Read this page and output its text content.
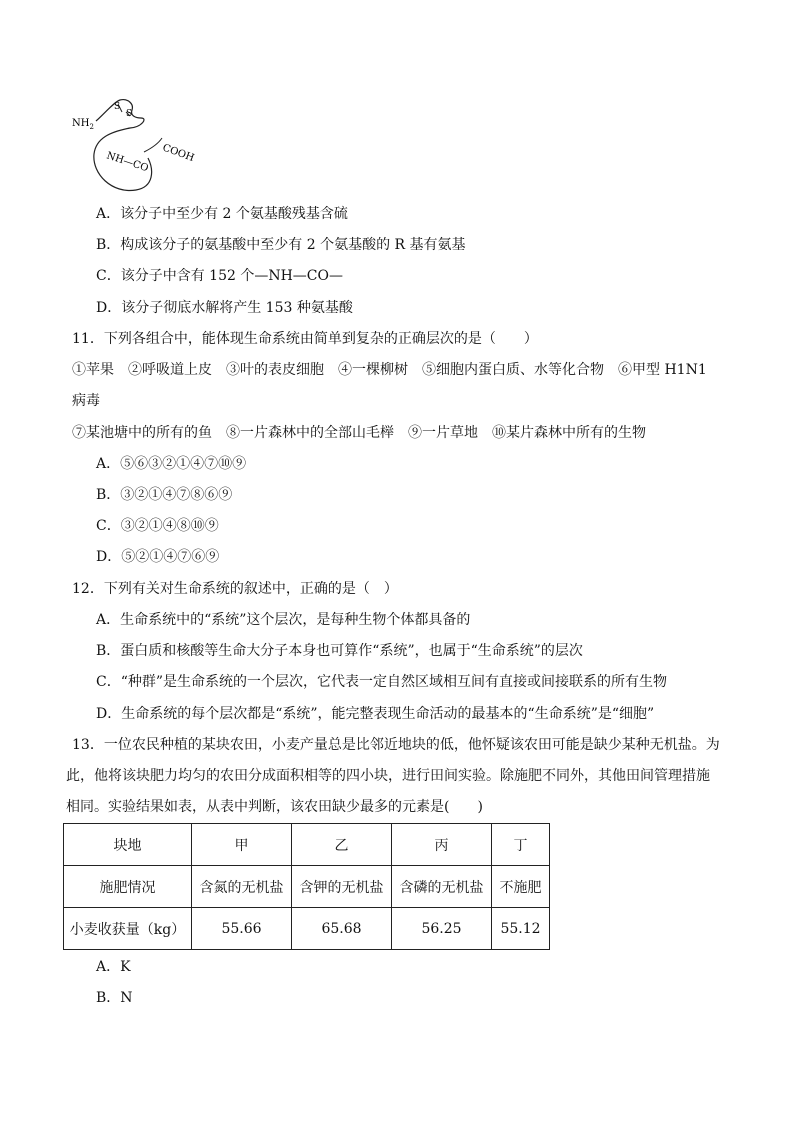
$NH_2$
S
S
NH—CO COOH
A．该分子中至少有 2 个氨基酸残基含硫
B．构成该分子的氨基酸中至少有 2 个氨基酸的 R 基有氨基
C．该分子中含有 152 个—NH—CO—
D．该分子彻底水解将产生 153 种氨基酸
11．下列各组合中，能体现生命系统由简单到复杂的正确层次的是（　　）
①苹果　②呼吸道上皮　③叶的表皮细胞　④一棵柳树　⑤细胞内蛋白质、水等化合物　⑥甲型 H1N1
病毒
⑦某池塘中的所有的鱼　⑧一片森林中的全部山毛榉　⑨一片草地　⑩某片森林中所有的生物
A．⑤⑥③②①④⑦⑩⑨
B．③②①④⑦⑧⑥⑨
C．③②①④⑧⑩⑨
D．⑤②①④⑦⑥⑨
12．下列有关对生命系统的叙述中，正确的是（　）
A．生命系统中的“系统”这个层次，是每种生物个体都具备的
B．蛋白质和核酸等生命大分子本身也可算作“系统”，也属于“生命系统”的层次
C．“种群”是生命系统的一个层次，它代表一定自然区域相互间有直接或间接联系的所有生物
D．生命系统的每个层次都是“系统”，能完整表现生命活动的最基本的“生命系统”是“细胞”
13．一位农民种植的某块农田，小麦产量总是比邻近地块的低，他怀疑该农田可能是缺少某种无机盐。为
此，他将该块肥力均匀的农田分成面积相等的四小块，进行田间实验。除施肥不同外，其他田间管理措施
相同。实验结果如表，从表中判断，该农田缺少最多的元素是(　　)
块地	甲	乙	丙	丁
施肥情况	含氮的无机盐	含钾的无机盐	含磷的无机盐	不施肥
小麦收获量（kg）	55.66	65.68	56.25	55.12
A．K
B．N
